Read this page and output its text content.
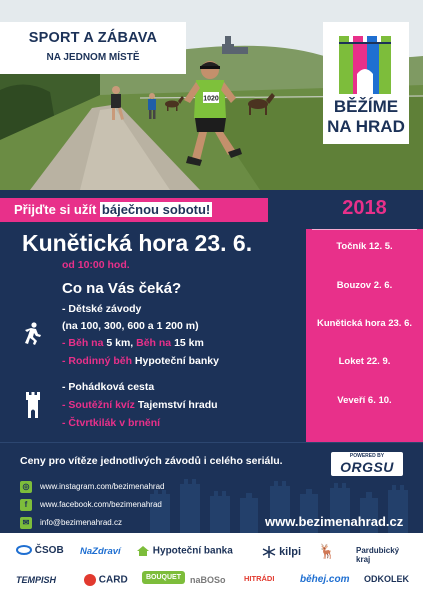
1020
SPORT A ZÁBAVA
NA JEDNOM MÍSTĚ
BĚŽÍME
NA HRAD
Přijďte si užít báječnou sobotu!
Kunětická hora 23. 6.
od 10:00 hod.
Co na Vás čeká?
- Dětské závody
(na 100, 300, 600 a 1 200 m)
- Běh na 5 km, Běh na 15 km
- Rodinný běh Hypoteční banky
- Pohádková cesta
- Soutěžní kvíz Tajemství hradu
- Čtvrtkilák v brnění
2018
Točník 12. 5.
Bouzov 2. 6.
Kunětická hora 23. 6.
Loket 22. 9.
Veveří 6. 10.
Ceny pro vítěze jednotlivých závodů i celého seriálu.	POWERED BY
ORGSU
◎	www.instagram.com/bezimenahrad
f	www.facebook.com/bezimenahrad
✉	info@bezimenahrad.cz	www.bezimenahrad.cz
ČSOB NaZdraví	Hypoteční banka	kilpi 🦌	Pardubický kraj
TEMPISH	CARD	BOUQUET	naBOSo HITRÁDI	běhej.com ODKOLEK
